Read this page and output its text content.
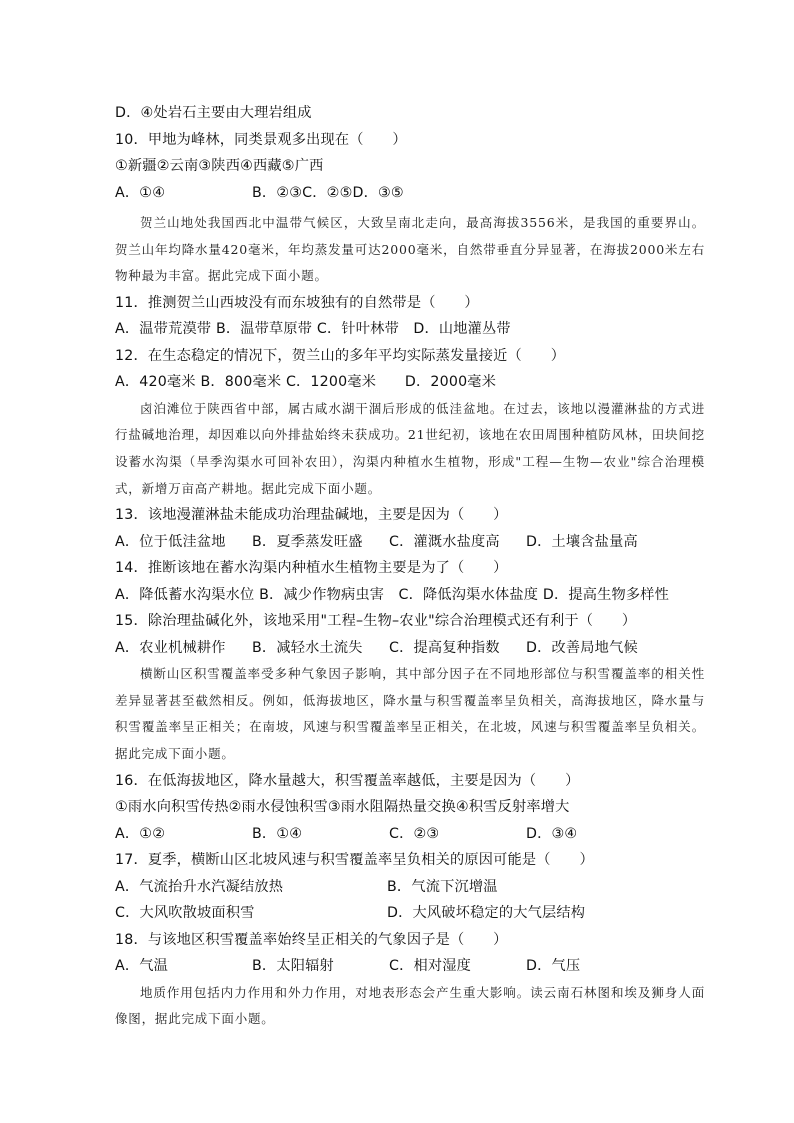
D．④处岩石主要由大理岩组成
10．甲地为峰林，同类景观多出现在（　　）
①新疆②云南③陕西④西藏⑤广西
A．①④	B．②③C．②⑤D．③⑤

贺兰山地处我国西北中温带气候区，大致呈南北走向，最高海拔3556米，是我国的重要界山。贺兰山年均降水量420毫米，年均蒸发量可达2000毫米，自然带垂直分异显著，在海拔2000米左右物种最为丰富。据此完成下面小题。

11．推测贺兰山西坡没有而东坡独有的自然带是（　　）
A．温带荒漠带 B．温带草原带 C．针叶林带　D．山地灌丛带
12．在生态稳定的情况下，贺兰山的多年平均实际蒸发量接近（　　）
A．420毫米 B．800毫米 C．1200毫米　　D．2000毫米

卤泊滩位于陕西省中部，属古咸水湖干涸后形成的低洼盆地。在过去，该地以漫灌淋盐的方式进行盐碱地治理，却因难以向外排盐始终未获成功。21世纪初，该地在农田周围种植防风林，田块间挖设蓄水沟渠（旱季沟渠水可回补农田），沟渠内种植水生植物，形成"工程—生物—农业"综合治理模式，新增万亩高产耕地。据此完成下面小题。

13．该地漫灌淋盐未能成功治理盐碱地，主要是因为（　　）
A．位于低洼盆地	B．夏季蒸发旺盛	C．灌溉水盐度高	D．土壤含盐量高
14．推断该地在蓄水沟渠内种植水生植物主要是为了（　　）
A．降低蓄水沟渠水位 B．减少作物病虫害　C．降低沟渠水体盐度 D．提高生物多样性
15．除治理盐碱化外，该地采用"工程–生物–农业"综合治理模式还有利于（　　）
A．农业机械耕作	B．减轻水土流失	C．提高复种指数	D．改善局地气候

横断山区积雪覆盖率受多种气象因子影响，其中部分因子在不同地形部位与积雪覆盖率的相关性差异显著甚至截然相反。例如，低海拔地区，降水量与积雪覆盖率呈负相关，高海拔地区，降水量与积雪覆盖率呈正相关；在南坡，风速与积雪覆盖率呈正相关，在北坡，风速与积雪覆盖率呈负相关。据此完成下面小题。

16．在低海拔地区，降水量越大，积雪覆盖率越低，主要是因为（　　）
①雨水向积雪传热②雨水侵蚀积雪③雨水阻隔热量交换④积雪反射率增大
A．①②	B．①④	C．②③	D．③④
17．夏季，横断山区北坡风速与积雪覆盖率呈负相关的原因可能是（　　）
A．气流抬升水汽凝结放热	B．气流下沉增温
C．大风吹散坡面积雪	D．大风破坏稳定的大气层结构
18．与该地区积雪覆盖率始终呈正相关的气象因子是（　　）
A．气温	B．太阳辐射	C．相对湿度	D．气压

地质作用包括内力作用和外力作用，对地表形态会产生重大影响。读云南石林图和埃及狮身人面像图，据此完成下面小题。
